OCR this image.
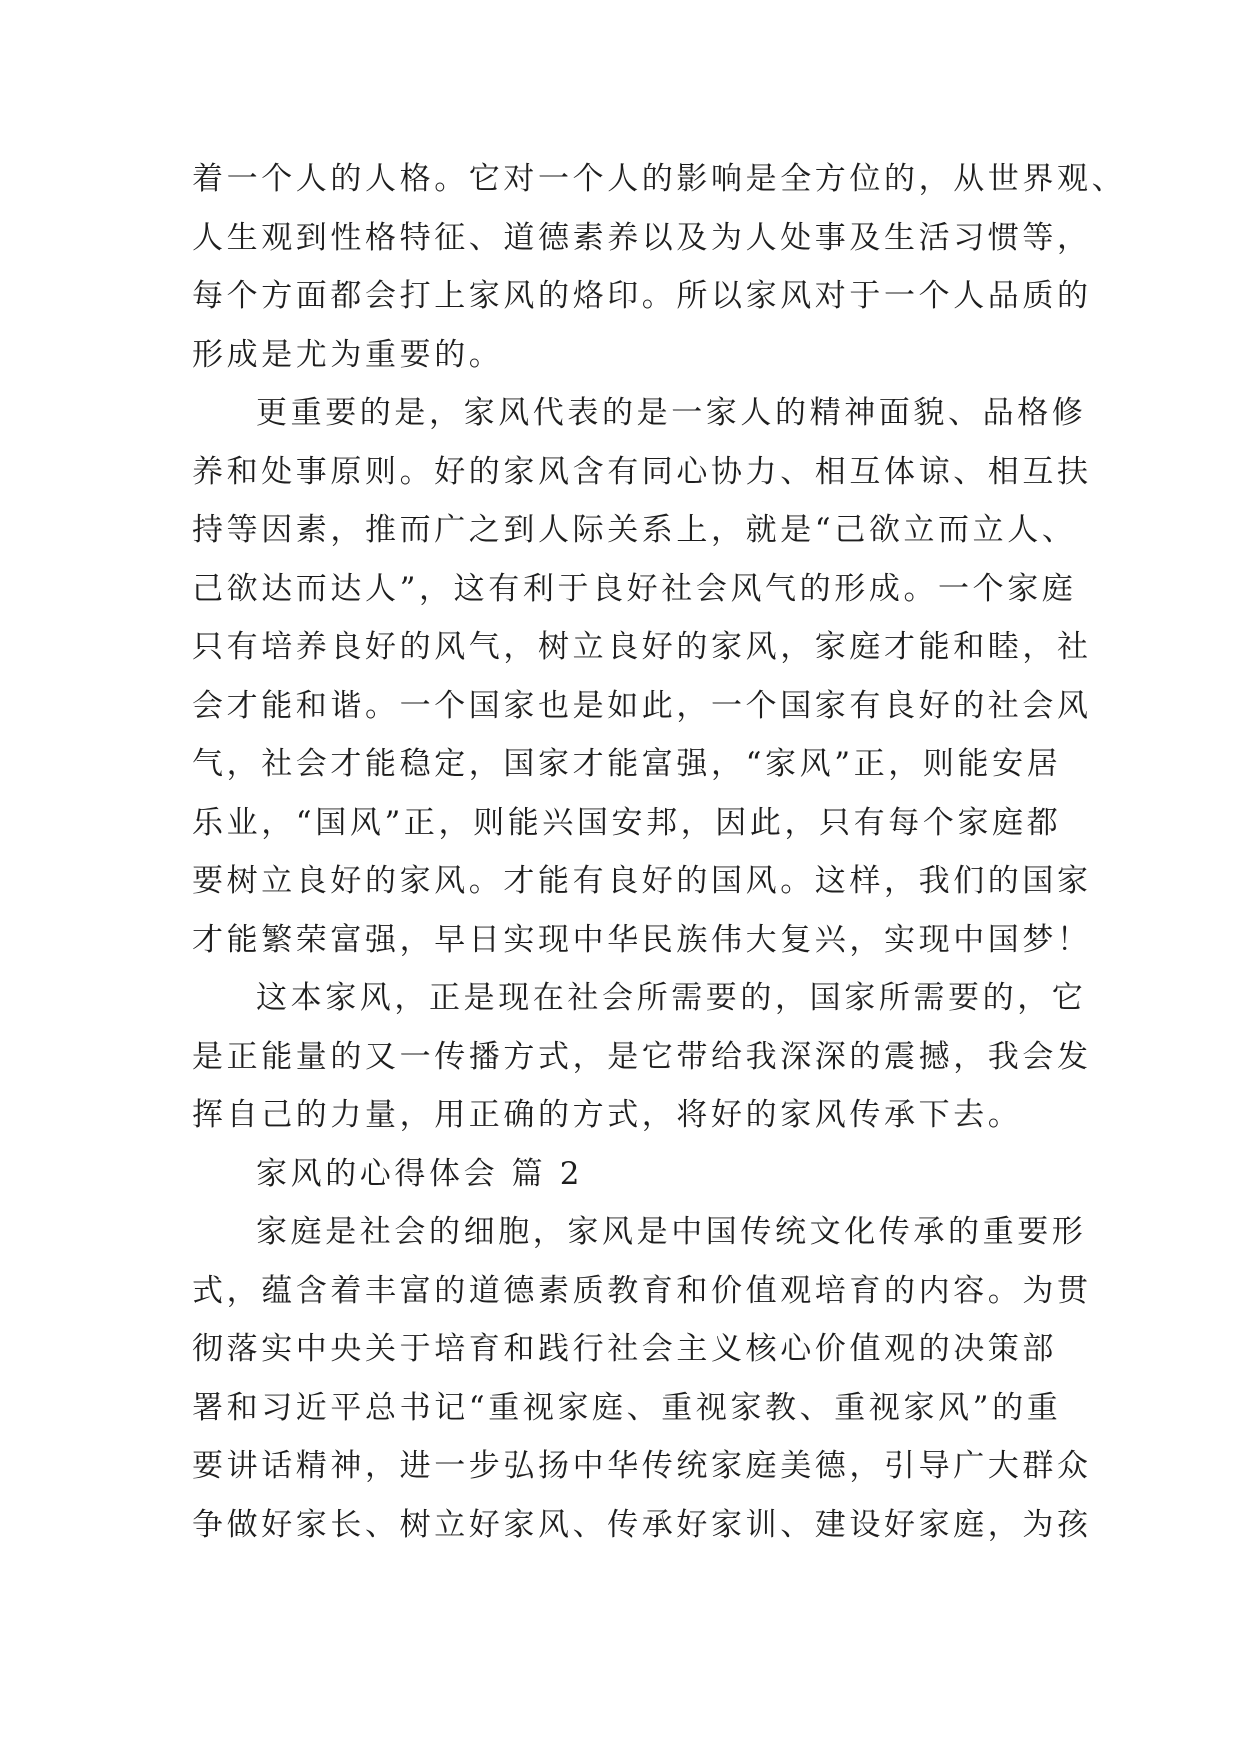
着一个人的人格。它对一个人的影响是全方位的，从世界观、
人生观到性格特征、道德素养以及为人处事及生活习惯等，
每个方面都会打上家风的烙印。所以家风对于一个人品质的
形成是尤为重要的。
更重要的是，家风代表的是一家人的精神面貌、品格修
养和处事原则。好的家风含有同心协力、相互体谅、相互扶
持等因素，推而广之到人际关系上，就是“己欲立而立人、
己欲达而达人”，这有利于良好社会风气的形成。一个家庭
只有培养良好的风气，树立良好的家风，家庭才能和睦，社
会才能和谐。一个国家也是如此，一个国家有良好的社会风
气，社会才能稳定，国家才能富强，“家风”正，则能安居
乐业，“国风”正，则能兴国安邦，因此，只有每个家庭都
要树立良好的家风。才能有良好的国风。这样，我们的国家
才能繁荣富强，早日实现中华民族伟大复兴，实现中国梦！
这本家风，正是现在社会所需要的，国家所需要的，它
是正能量的又一传播方式，是它带给我深深的震撼，我会发
挥自己的力量，用正确的方式，将好的家风传承下去。
家风的心得体会 篇 2
家庭是社会的细胞，家风是中国传统文化传承的重要形
式，蕴含着丰富的道德素质教育和价值观培育的内容。为贯
彻落实中央关于培育和践行社会主义核心价值观的决策部
署和习近平总书记“重视家庭、重视家教、重视家风”的重
要讲话精神，进一步弘扬中华传统家庭美德，引导广大群众
争做好家长、树立好家风、传承好家训、建设好家庭，为孩
